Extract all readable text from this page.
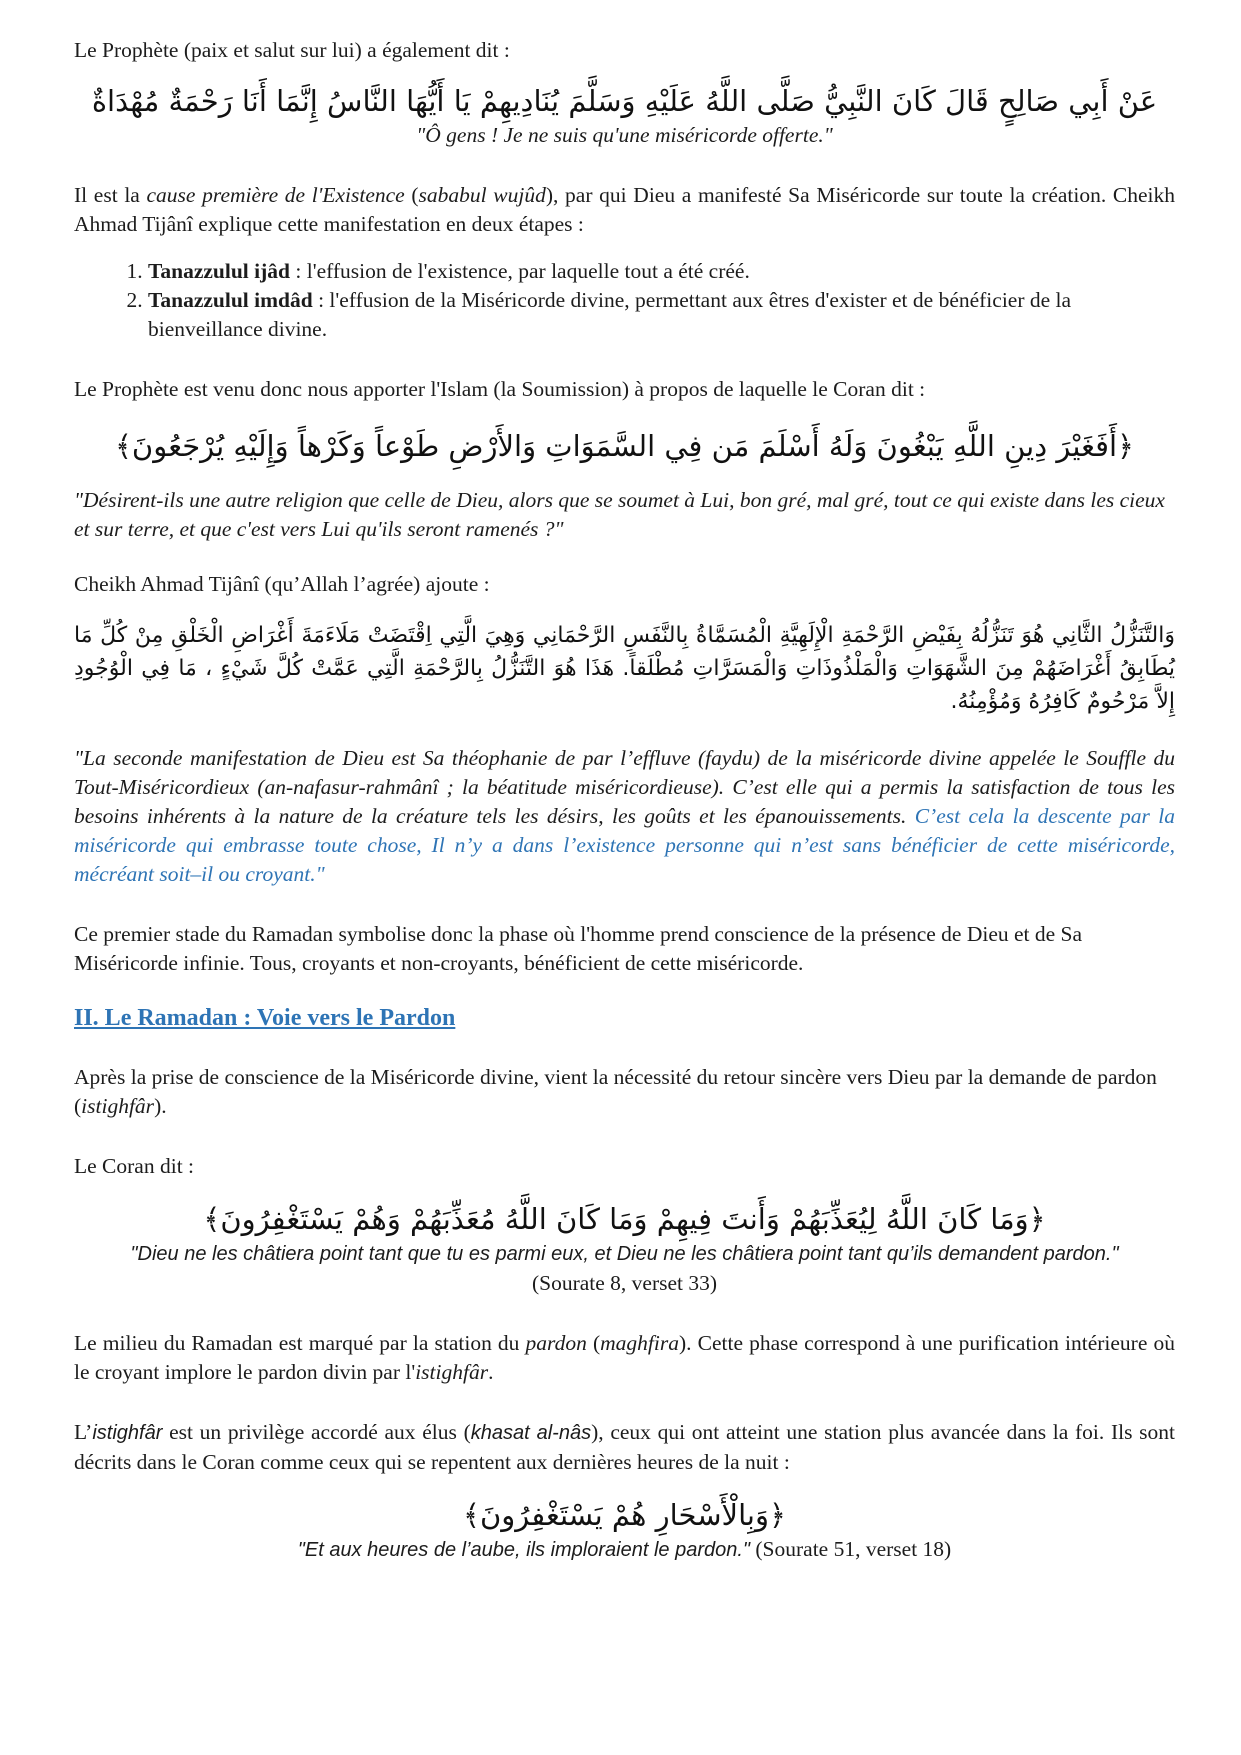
Le Prophète (paix et salut sur lui) a également dit :

عَنْ أَبِي صَالِحٍ قَالَ كَانَ النَّبِيُّ صَلَّى اللَّهُ عَلَيْهِ وَسَلَّمَ يُنَادِيهِمْ يَا أَيُّهَا النَّاسُ إِنَّمَا أَنَا رَحْمَةٌ مُهْدَاةٌ

"Ô gens ! Je ne suis qu'une miséricorde offerte."

Il est la cause première de l'Existence (sababul wujûd), par qui Dieu a manifesté Sa Miséricorde sur toute la création. Cheikh Ahmad Tijânî explique cette manifestation en deux étapes :

1. Tanazzulul ijâd : l'effusion de l'existence, par laquelle tout a été créé.
2. Tanazzulul imdâd : l'effusion de la Miséricorde divine, permettant aux êtres d'exister et de bénéficier de la bienveillance divine.

Le Prophète est venu donc nous apporter l'Islam (la Soumission) à propos de laquelle le Coran dit :

﴿أَفَغَيْرَ دِينِ اللَّهِ يَبْغُونَ وَلَهُ أَسْلَمَ مَن فِي السَّمَوَاتِ وَالأَرْضِ طَوْعاً وَكَرْهاً وَإِلَيْهِ يُرْجَعُونَ﴾

"Désirent-ils une autre religion que celle de Dieu, alors que se soumet à Lui, bon gré, mal gré, tout ce qui existe dans les cieux et sur terre, et que c'est vers Lui qu'ils seront ramenés ?"

Cheikh Ahmad Tijânî (qu’Allah l’agrée) ajoute :

وَالتَّنَزُّلُ الثَّانِي هُوَ تَنَزُّلُهُ بِفَيْضِ الرَّحْمَةِ الْإِلَهِيَّةِ الْمُسَمَّاةُ بِالنَّفَسِ الرَّحْمَانِي وَهِيَ الَّتِي اِقْتَضَتْ مَلَاءَمَةَ أَغْرَاضِ الْخَلْقِ مِنْ كُلِّ مَا يُطَابِقُ أَغْرَاضَهُمْ مِنَ الشَّهَوَاتِ وَالْمَلْذُوذَاتِ وَالْمَسَرَّاتِ مُطْلَقاً. هَذَا هُوَ التَّنَزُّلُ بِالرَّحْمَةِ الَّتِي عَمَّتْ كُلَّ شَيْءٍ ، مَا فِي الْوُجُودِ إِلاَّ مَرْحُومٌ كَافِرُهُ وَمُؤْمِنُهُ.

"La seconde manifestation de Dieu est Sa théophanie de par l’effluve (faydu) de la miséricorde divine appelée le Souffle du Tout-Miséricordieux (an-nafasur-rahmânî ; la béatitude miséricordieuse). C’est elle qui a permis la satisfaction de tous les besoins inhérents à la nature de la créature tels les désirs, les goûts et les épanouissements. C’est cela la descente par la miséricorde qui embrasse toute chose, Il n’y a dans l’existence personne qui n’est sans bénéficier de cette miséricorde, mécréant soit–il ou croyant."

Ce premier stade du Ramadan symbolise donc la phase où l'homme prend conscience de la présence de Dieu et de Sa Miséricorde infinie. Tous, croyants et non-croyants, bénéficient de cette miséricorde.

II. Le Ramadan : Voie vers le Pardon

Après la prise de conscience de la Miséricorde divine, vient la nécessité du retour sincère vers Dieu par la demande de pardon (istighfâr).

Le Coran dit :

﴿وَمَا كَانَ اللَّهُ لِيُعَذِّبَهُمْ وَأَنتَ فِيهِمْ وَمَا كَانَ اللَّهُ مُعَذِّبَهُمْ وَهُمْ يَسْتَغْفِرُونَ﴾

"Dieu ne les châtiera point tant que tu es parmi eux, et Dieu ne les châtiera point tant qu’ils demandent pardon." (Sourate 8, verset 33)

Le milieu du Ramadan est marqué par la station du pardon (maghfira). Cette phase correspond à une purification intérieure où le croyant implore le pardon divin par l'istighfâr.

L’istighfâr est un privilège accordé aux élus (khasat al-nâs), ceux qui ont atteint une station plus avancée dans la foi. Ils sont décrits dans le Coran comme ceux qui se repentent aux dernières heures de la nuit :

﴿وَبِالْأَسْحَارِ هُمْ يَسْتَغْفِرُونَ﴾

"Et aux heures de l’aube, ils imploraient le pardon." (Sourate 51, verset 18)
